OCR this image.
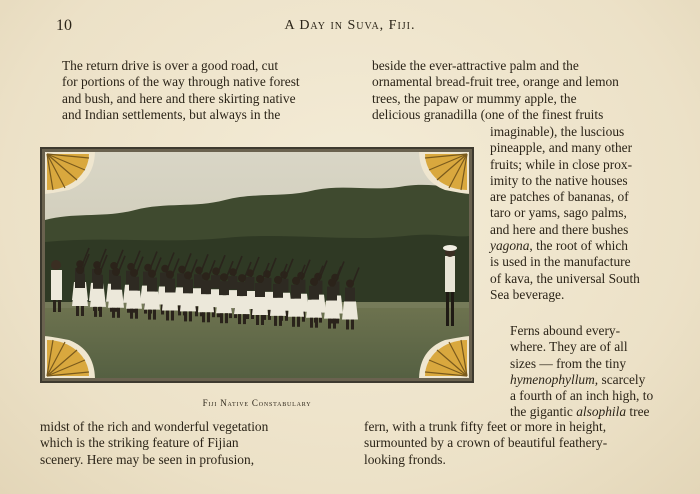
10	A Day in Suva, Fiji.

The return drive is over a good road, cut
for portions of the way through native forest
and bush, and here and there skirting native
and Indian settlements, but always in the

beside the ever-attractive palm and the
ornamental bread-fruit tree, orange and lemon
trees, the papaw or mummy apple, the
delicious granadilla (one of the finest fruits

imaginable), the luscious
pineapple, and many other
fruits; while in close prox-
imity to the native houses
are patches of bananas, of
taro or yams, sago palms,
and here and there bushes
yagona, the root of which
is used in the manufacture
of kava, the universal South
Sea beverage.

Ferns abound every-
where. They are of all
sizes — from the tiny
hymenophyllum, scarcely
a fourth of an inch high, to
the gigantic alsophila tree

Fiji Native Constabulary

midst of the rich and wonderful vegetation
which is the striking feature of Fijian
scenery. Here may be seen in profusion,

fern, with a trunk fifty feet or more in height,
surmounted by a crown of beautiful feathery-
looking fronds.
